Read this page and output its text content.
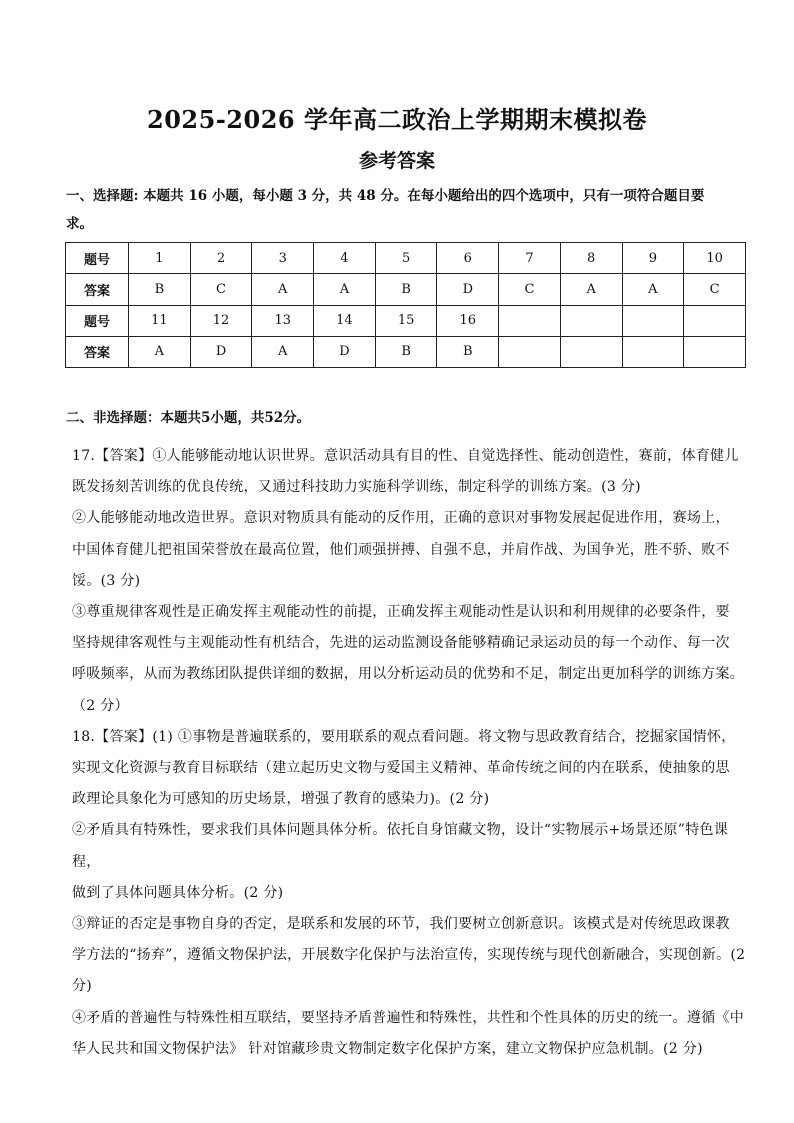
2025-2026 学年高二政治上学期期末模拟卷
参考答案
一、选择题: 本题共 16 小题，每小题 3 分，共 48 分。在每小题给出的四个选项中，只有一项符合题目要
求。
题号	1	2	3	4	5	6	7	8	9	10
答案	B	C	A	A	B	D	C	A	A	C
题号	11	12	13	14	15	16				
答案	A	D	A	D	B	B				
二、非选择题：本题共5小题，共52分。

17.【答案】①人能够能动地认识世界。意识活动具有目的性、自觉选择性、能动创造性，赛前，体育健儿

既发扬刻苦训练的优良传统，又通过科技助力实施科学训练，制定科学的训练方案。(3 分)

②人能够能动地改造世界。意识对物质具有能动的反作用，正确的意识对事物发展起促进作用，赛场上，

中国体育健儿把祖国荣誉放在最高位置，他们顽强拼搏、自强不息，并肩作战、为国争光，胜不骄、败不

馁。(3 分)

③尊重规律客观性是正确发挥主观能动性的前提，正确发挥主观能动性是认识和利用规律的必要条件，要

坚持规律客观性与主观能动性有机结合，先进的运动监测设备能够精确记录运动员的每一个动作、每一次

呼吸频率，从而为教练团队提供详细的数据，用以分析运动员的优势和不足，制定出更加科学的训练方案。

（2 分）

18.【答案】(1) ①事物是普遍联系的，要用联系的观点看问题。将文物与思政教育结合，挖掘家国情怀，

实现文化资源与教育目标联结（建立起历史文物与爱国主义精神、革命传统之间的内在联系，使抽象的思

政理论具象化为可感知的历史场景，增强了教育的感染力)。(2 分)

②矛盾具有特殊性，要求我们具体问题具体分析。依托自身馆藏文物，设计“实物展示+场景还原”特色课程，

做到了具体问题具体分析。(2 分)

③辩证的否定是事物自身的否定，是联系和发展的环节，我们要树立创新意识。该模式是对传统思政课教

学方法的“扬弃”，遵循文物保护法，开展数字化保护与法治宣传，实现传统与现代创新融合，实现创新。(2

分)

④矛盾的普遍性与特殊性相互联结，要坚持矛盾普遍性和特殊性，共性和个性具体的历史的统一。遵循《中

华人民共和国文物保护法》 针对馆藏珍贵文物制定数字化保护方案，建立文物保护应急机制。(2 分)
